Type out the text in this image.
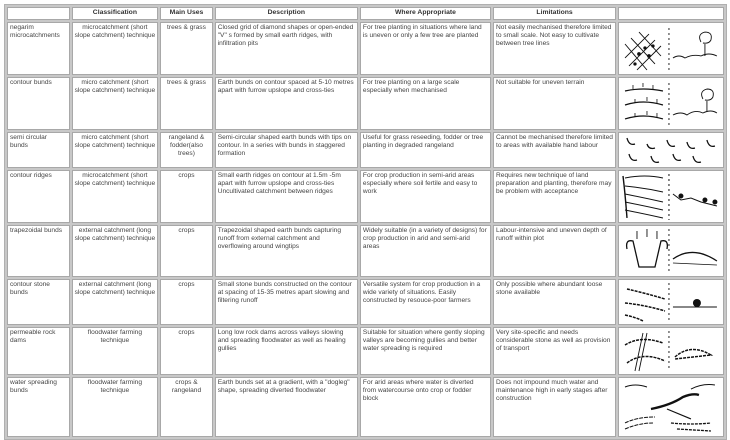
	Classification	Main Uses	Description	Where Appropriate	Limitations	
negarim microcatchments	microcatchment (short slope catchment) technique	trees & grass	Closed grid of diamond shapes or open-ended "V" s formed by small earth ridges, with infiltration pits	For tree planting in situations where land is uneven or only a few tree are planted	Not easily mechanised therefore limited to small scale. Not easy to cultivate between tree lines	

contour bunds	micro catchment (short slope catchment) technique	trees & grass	Earth bunds on contour spaced at 5-10 metres apart with furrow upslope and cross-ties	For tree planting on a large scale especially when mechanised	Not suitable for uneven terrain	

semi circular bunds	micro catchment (short slope catchment) technique	rangeland & fodder(also trees)	Semi-circular shaped earth bunds with tips on contour. In a series with bunds in staggered formation	Useful for grass reseeding, fodder or tree planting in degraded rangeland	Cannot be mechanised therefore limited to areas with available hand labour	

contour ridges	microcatchment (short slope catchment) technique	crops	Small earth ridges on contour at 1.5m -5m apart with furrow upslope and cross-ties Uncultivated catchment between ridges	For crop production in semi-arid areas especially where soil fertile and easy to work	Requires new technique of land preparation and planting, therefore may be problem with acceptance	

trapezoidal bunds	external catchment (long slope catchment) technique	crops	Trapezoidal shaped earth bunds capturing runoff from external catchment and overflowing around wingtips	Widely suitable (in a variety of designs) for crop production in arid and semi-arid areas	Labour-intensive and uneven depth of runoff within plot	

contour stone bunds	external catchment (long slope catchment) technique	crops	Small stone bunds constructed on the contour at spacing of 15-35 metres apart slowing and filtering runoff	Versatile system for crop production in a wide variety of situations. Easily constructed by resouce-poor farmers	Only possible where abundant loose stone available	

permeable rock dams	floodwater farming technique	crops	Long low rock dams across valleys slowing and spreading floodwater as well as healing gullies	Suitable for situation where gently sloping valleys are becoming gullies and better water spreading is required	Very site-specific and needs considerable stone as well as provision of transport	

water spreading bunds	floodwater farming technique	crops & rangeland	Earth bunds set at a gradient, with a "dogleg" shape, spreading diverted floodwater	For arid areas where water is diverted from watercourse onto crop or fodder block	Does not impound much water and maintenance high in early stages after construction	
